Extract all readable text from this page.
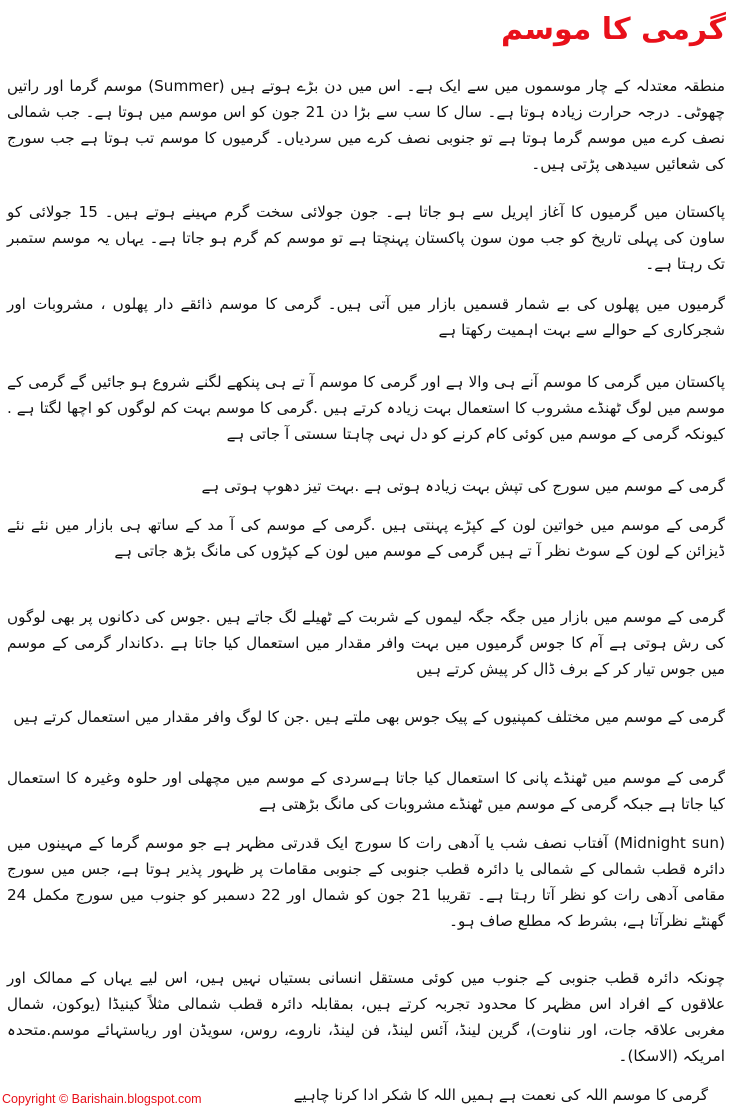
گرمی کا موسم

منطقہ معتدلہ کے چار موسموں میں سے ایک ہے۔ اس میں دن بڑے ہوتے ہیں (Summer) موسم گرما اور راتیں چھوٹی۔ درجہ حرارت زیادہ ہوتا ہے۔ سال کا سب سے بڑا دن 21 جون کو اس موسم میں ہوتا ہے۔ جب شمالی نصف کرے میں موسم گرما ہوتا ہے تو جنوبی نصف کرے میں سردیاں۔ گرمیوں کا موسم تب ہوتا ہے جب سورج کی شعائیں سیدھی پڑتی ہیں۔

پاکستان میں گرمیوں کا آغاز اپریل سے ہو جاتا ہے۔ جون جولائی سخت گرم مہینے ہوتے ہیں۔ 15 جولائی کو ساون کی پہلی تاریخ کو جب مون سون پاکستان پہنچتا ہے تو موسم کم گرم ہو جاتا ہے۔ یہاں یہ موسم ستمبر تک رہتا ہے۔

گرمیوں میں پھلوں کی بے شمار قسمیں بازار میں آتی ہیں۔ گرمی کا موسم ذائقے دار پھلوں ، مشروبات اور شجرکاری کے حوالے سے بہت اہمیت رکھتا ہے

پاکستان میں گرمی کا موسم آنے ہی والا ہے اور گرمی کا موسم آ تے ہی پنکھے لگنے شروع ہو جائیں گے گرمی کے موسم میں لوگ ٹھنڈے مشروب کا استعمال بہت زیادہ کرتے ہیں .گرمی کا موسم بہت کم لوگوں کو اچھا لگتا ہے . کیونکہ گرمی کے موسم میں کوئی کام کرنے کو دل نہی چاہتا سستی آ جاتی ہے

گرمی کے موسم میں سورج کی تپش بہت زیادہ ہوتی ہے .بہت تیز دھوپ ہوتی ہے

گرمی کے موسم میں خواتین لون کے کپڑے پہنتی ہیں .گرمی کے موسم کی آ مد کے ساتھ ہی بازار میں نئے نئے ڈیزائن کے لون کے سوٹ نظر آ تے ہیں گرمی کے موسم میں لون کے کپڑوں کی مانگ بڑھ جاتی ہے

گرمی کے موسم میں بازار میں جگہ جگہ لیموں کے شربت کے ٹھیلے لگ جاتے ہیں .جوس کی دکانوں پر بھی لوگوں کی رش ہوتی ہے آم کا جوس گرمیوں میں بہت وافر مقدار میں استعمال کیا جاتا ہے .دکاندار گرمی کے موسم میں جوس تیار کر کے برف ڈال کر پیش کرتے ہیں

گرمی کے موسم میں مختلف کمپنیوں کے پیک جوس بھی ملتے ہیں .جن کا لوگ وافر مقدار میں استعمال کرتے ہیں

گرمی کے موسم میں ٹھنڈے پانی کا استعمال کیا جاتا ہےسردی کے موسم میں مچھلی اور حلوہ وغیرہ کا استعمال کیا جاتا ہے جبکہ گرمی کے موسم میں ٹھنڈے مشروبات کی مانگ بڑھتی ہے

(Midnight sun) آفتاب نصف شب یا آدھی رات کا سورج ایک قدرتی مظہر ہے جو موسم گرما کے مہینوں میں دائرہ قطب شمالی کے شمالی یا دائرہ قطب جنوبی کے جنوبی مقامات پر ظہور پذیر ہوتا ہے، جس میں سورج مقامی آدھی رات کو نظر آتا رہتا ہے۔ تقریبا 21 جون کو شمال اور 22 دسمبر کو جنوب میں سورج مکمل 24 گھنٹے نظرآتا ہے، بشرط کہ مطلع صاف ہو۔

چونکہ دائرہ قطب جنوبی کے جنوب میں کوئی مستقل انسانی بستیاں نہیں ہیں، اس لیے یہاں کے ممالک اور علاقوں کے افراد اس مظہر کا محدود تجربہ کرتے ہیں، بمقابلہ دائرہ قطب شمالی مثلاً کینیڈا (یوکون، شمال مغربی علاقہ جات، اور نناوت)، گرین لینڈ، آئس لینڈ، فن لینڈ، ناروے، روس، سویڈن اور ریاستہائے موسم.متحدہ امریکہ (الاسکا)۔

گرمی کا موسم اللہ کی نعمت ہے ہمیں اللہ کا شکر ادا کرنا چاہیے

Copyright © Barishain.blogspot.com
